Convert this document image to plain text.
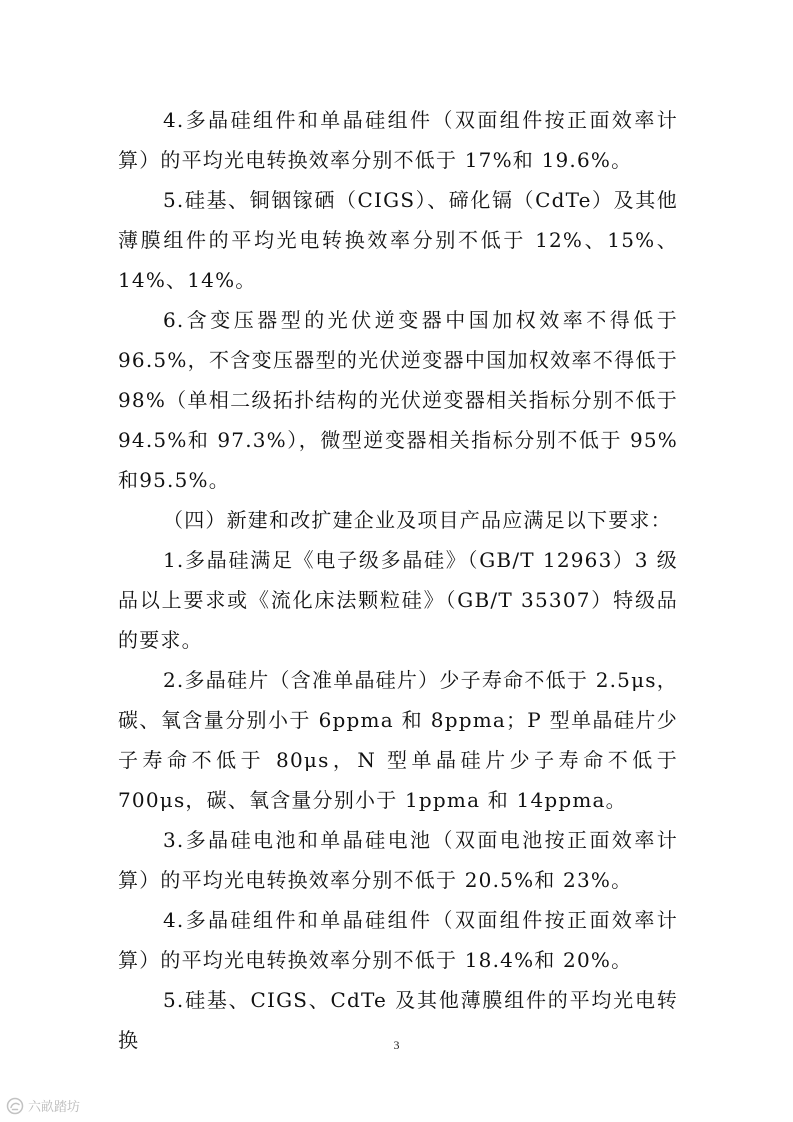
4.多晶硅组件和单晶硅组件（双面组件按正面效率计算）的平均光电转换效率分别不低于 17%和 19.6%。

5.硅基、铜铟镓硒（CIGS）、碲化镉（CdTe）及其他薄膜组件的平均光电转换效率分别不低于 12%、15%、14%、14%。

6.含变压器型的光伏逆变器中国加权效率不得低于96.5%，不含变压器型的光伏逆变器中国加权效率不得低于98%（单相二级拓扑结构的光伏逆变器相关指标分别不低于94.5%和 97.3%），微型逆变器相关指标分别不低于 95%和95.5%。

（四）新建和改扩建企业及项目产品应满足以下要求：

1.多晶硅满足《电子级多晶硅》（GB/T 12963）3 级品以上要求或《流化床法颗粒硅》（GB/T 35307）特级品的要求。

2.多晶硅片（含准单晶硅片）少子寿命不低于 2.5μs，碳、氧含量分别小于 6ppma 和 8ppma；P 型单晶硅片少子寿命不低于 80μs，N 型单晶硅片少子寿命不低于 700μs，碳、氧含量分别小于 1ppma 和 14ppma。

3.多晶硅电池和单晶硅电池（双面电池按正面效率计算）的平均光电转换效率分别不低于 20.5%和 23%。

4.多晶硅组件和单晶硅组件（双面组件按正面效率计算）的平均光电转换效率分别不低于 18.4%和 20%。

5.硅基、CIGS、CdTe 及其他薄膜组件的平均光电转换	3
六畝踏坊
